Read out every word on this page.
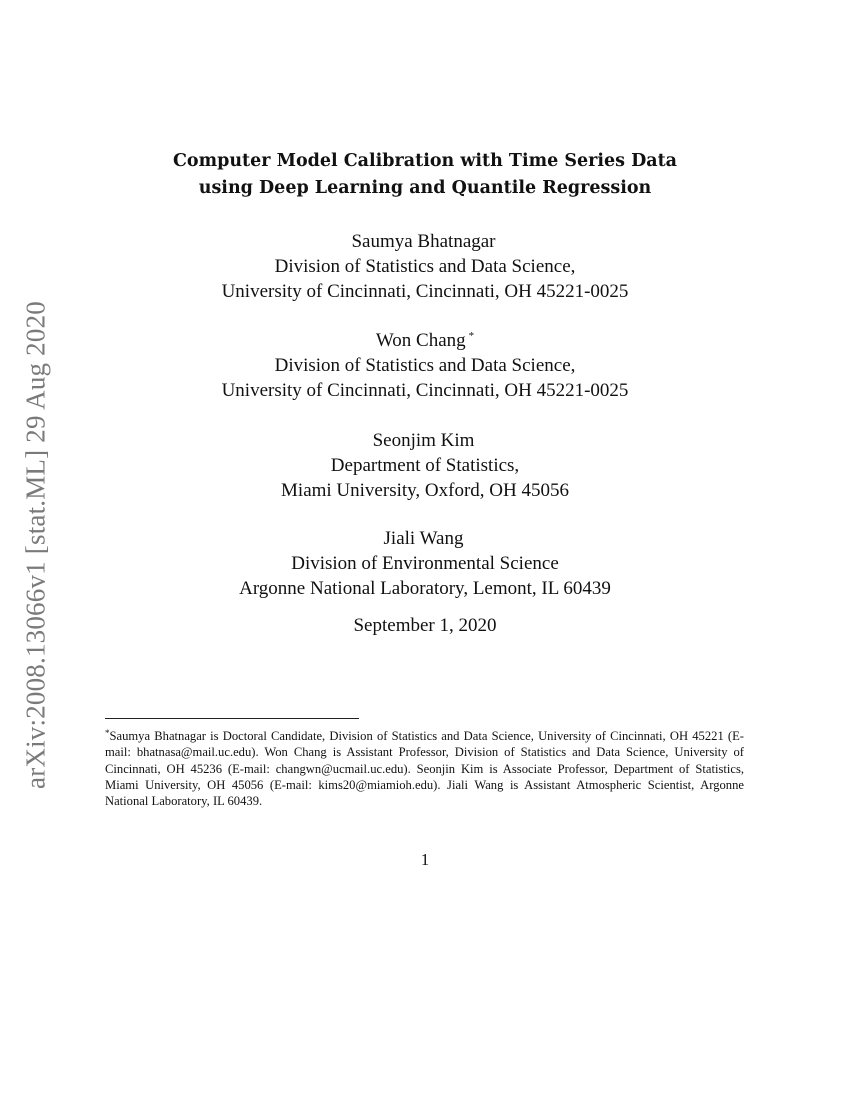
arXiv:2008.13066v1 [stat.ML] 29 Aug 2020
Computer Model Calibration with Time Series Data
using Deep Learning and Quantile Regression
Saumya Bhatnagar
Division of Statistics and Data Science,
University of Cincinnati, Cincinnati, OH 45221-0025
Won Chang *
Division of Statistics and Data Science,
University of Cincinnati, Cincinnati, OH 45221-0025
Seonjim Kim
Department of Statistics,
Miami University, Oxford, OH 45056
Jiali Wang
Division of Environmental Science
Argonne National Laboratory, Lemont, IL 60439
September 1, 2020
*Saumya Bhatnagar is Doctoral Candidate, Division of Statistics and Data Science, University of Cincinnati, OH 45221 (E-mail: bhatnasa@mail.uc.edu). Won Chang is Assistant Professor, Division of Statistics and Data Science, University of Cincinnati, OH 45236 (E-mail: changwn@ucmail.uc.edu). Seonjin Kim is Associate Professor, Department of Statistics, Miami University, OH 45056 (E-mail: kims20@miamioh.edu). Jiali Wang is Assistant Atmospheric Scientist, Argonne National Laboratory, IL 60439.
1
